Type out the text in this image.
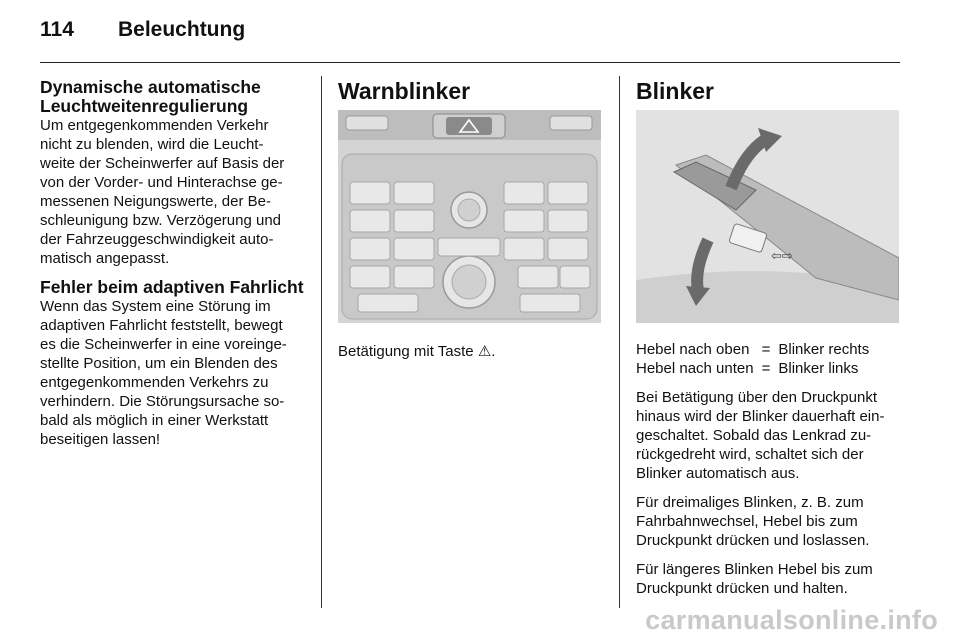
114 Beleuchtung

Dynamische automatische Leuchtweitenregulierung

Um entgegenkommenden Verkehr

nicht zu blenden, wird die Leucht-

weite der Scheinwerfer auf Basis der

von der Vorder- und Hinterachse ge-

messenen Neigungswerte, der Be-

schleunigung bzw. Verzögerung und

der Fahrzeuggeschwindigkeit auto-

matisch angepasst.

Fehler beim adaptiven Fahrlicht

Wenn das System eine Störung im

adaptiven Fahrlicht feststellt, bewegt

es die Scheinwerfer in eine voreinge-

stellte Position, um ein Blenden des

entgegenkommenden Verkehrs zu

verhindern. Die Störungsursache so-

bald als möglich in einer Werkstatt

beseitigen lassen!

Warnblinker

Betätigung mit Taste ⚠.

Blinker

⇦⇨
Hebel nach oben	=	Blinker rechts
Hebel nach unten	=	Blinker links

Bei Betätigung über den Druckpunkt

hinaus wird der Blinker dauerhaft ein-

geschaltet. Sobald das Lenkrad zu-

rückgedreht wird, schaltet sich der

Blinker automatisch aus.

Für dreimaliges Blinken, z. B. zum

Fahrbahnwechsel, Hebel bis zum

Druckpunkt drücken und loslassen.

Für längeres Blinken Hebel bis zum

Druckpunkt drücken und halten.

carmanualsonline.info
